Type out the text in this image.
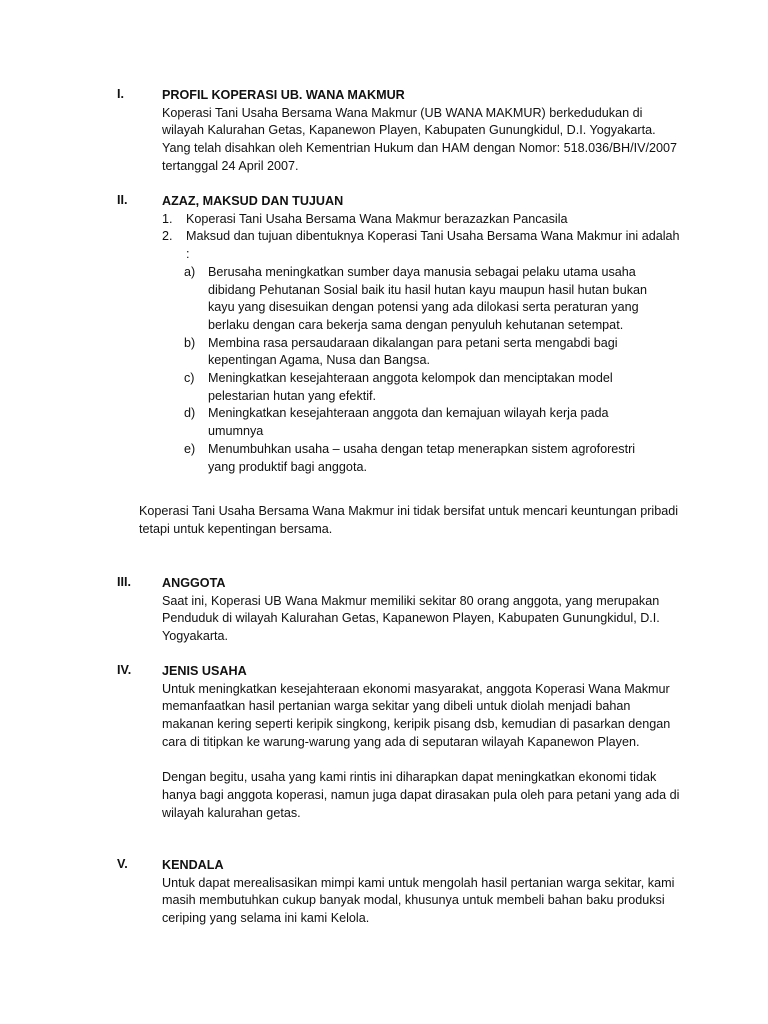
I.	PROFIL KOPERASI UB. WANA MAKMUR
Koperasi Tani Usaha Bersama Wana Makmur (UB WANA MAKMUR) berkedudukan di wilayah Kalurahan Getas, Kapanewon Playen, Kabupaten Gunungkidul, D.I. Yogyakarta. Yang telah disahkan oleh Kementrian Hukum dan HAM dengan Nomor: 518.036/BH/IV/2007 tertanggal 24 April 2007.
II.	AZAZ, MAKSUD DAN TUJUAN
1. Koperasi Tani Usaha Bersama Wana Makmur berazazkan Pancasila
2. Maksud dan tujuan dibentuknya Koperasi Tani Usaha Bersama Wana Makmur ini adalah :
a) Berusaha meningkatkan sumber daya manusia sebagai pelaku utama usaha dibidang Pehutanan Sosial baik itu hasil hutan kayu maupun hasil hutan bukan kayu yang disesuikan dengan potensi yang ada dilokasi serta peraturan yang berlaku dengan cara bekerja sama dengan penyuluh kehutanan setempat.
b) Membina rasa persaudaraan dikalangan para petani serta mengabdi bagi kepentingan Agama, Nusa dan Bangsa.
c) Meningkatkan kesejahteraan anggota kelompok dan menciptakan model pelestarian hutan yang efektif.
d) Meningkatkan kesejahteraan anggota dan kemajuan wilayah kerja pada umumnya
e) Menumbuhkan usaha – usaha dengan tetap menerapkan sistem agroforestri yang produktif bagi anggota.
Koperasi Tani Usaha Bersama Wana Makmur ini tidak bersifat untuk mencari keuntungan pribadi tetapi untuk kepentingan bersama.
III. ANGGOTA
Saat ini, Koperasi UB Wana Makmur memiliki sekitar 80 orang anggota, yang merupakan Penduduk di wilayah Kalurahan Getas, Kapanewon Playen, Kabupaten Gunungkidul, D.I. Yogyakarta.
IV. JENIS USAHA
Untuk meningkatkan kesejahteraan ekonomi masyarakat, anggota Koperasi Wana Makmur memanfaatkan hasil pertanian warga sekitar yang dibeli untuk diolah menjadi bahan makanan kering seperti keripik singkong, keripik pisang dsb, kemudian di pasarkan dengan cara di titipkan ke warung-warung yang ada di seputaran wilayah Kapanewon Playen.
Dengan begitu, usaha yang kami rintis ini diharapkan dapat meningkatkan ekonomi tidak hanya bagi anggota koperasi, namun juga dapat dirasakan pula oleh para petani yang ada di wilayah kalurahan getas.
V.	KENDALA
Untuk dapat merealisasikan mimpi kami untuk mengolah hasil pertanian warga sekitar, kami masih membutuhkan cukup banyak modal, khusunya untuk membeli bahan baku produksi ceriping yang selama ini kami Kelola.
